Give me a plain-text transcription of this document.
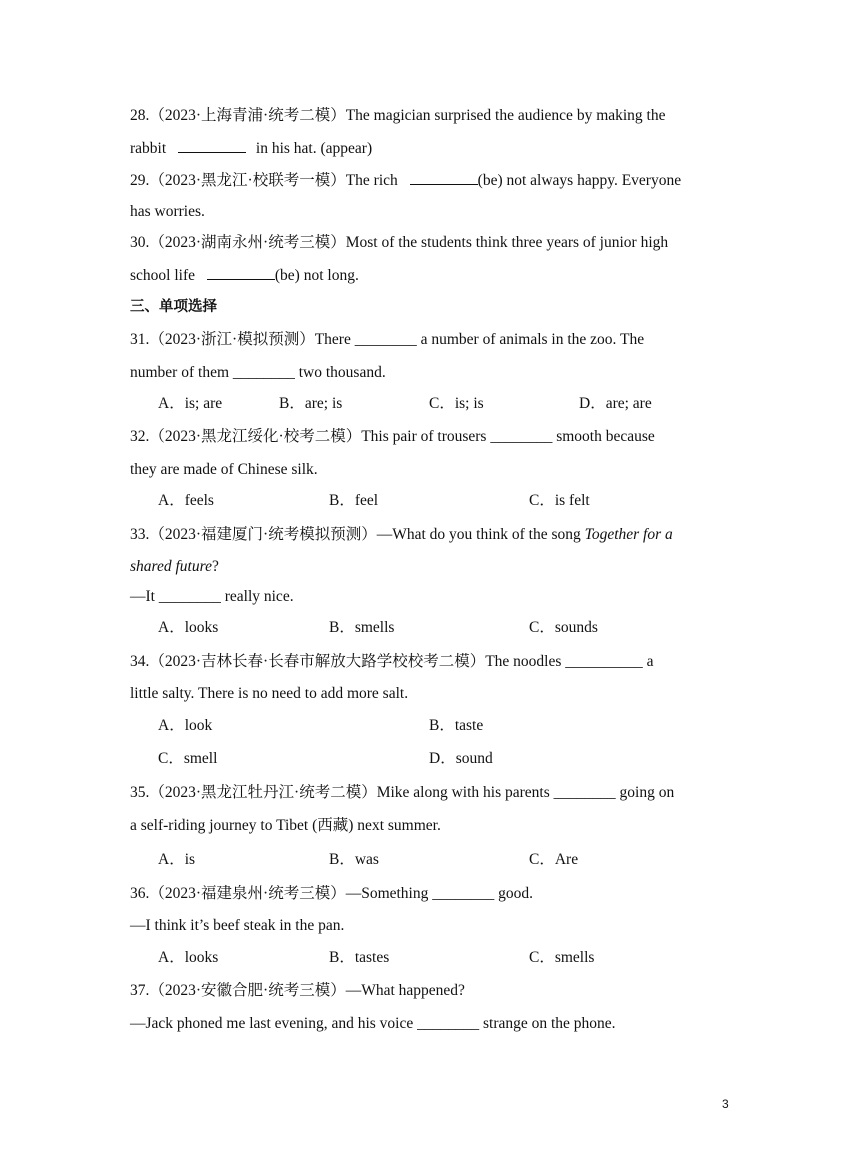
28.（2023·上海青浦·统考二模）The magician surprised the audience by making the
rabbit	in his hat. (appear)
29.（2023·黑龙江·校联考一模）The rich	(be) not always happy. Everyone
has worries.
30.（2023·湖南永州·统考三模）Most of the students think three years of junior high
school life	(be) not long.
三、单项选择
31.（2023·浙江·模拟预测）There ________ a number of animals in the zoo. The
number of them ________ two thousand.
A．is; are	B．are; is	C．is; is	D．are; are
32.（2023·黑龙江绥化·校考二模）This pair of trousers ________ smooth because
they are made of Chinese silk.
A．feels	B．feel	C．is felt
33.（2023·福建厦门·统考模拟预测）—What do you think of the song Together for a
shared future?
—It ________ really nice.
A．looks	B．smells	C．sounds
34.（2023·吉林长春·长春市解放大路学校校考二模）The noodles __________ a
little salty. There is no need to add more salt.
A．look	B．taste
C．smell	D．sound
35.（2023·黑龙江牡丹江·统考二模）Mike along with his parents ________ going on
a self-riding journey to Tibet (西藏) next summer.
A．is	B．was	C．Are
36.（2023·福建泉州·统考三模）—Something ________ good.
—I think it’s beef steak in the pan.
A．looks	B．tastes	C．smells
37.（2023·安徽合肥·统考三模）—What happened?
—Jack phoned me last evening, and his voice ________ strange on the phone.
3
